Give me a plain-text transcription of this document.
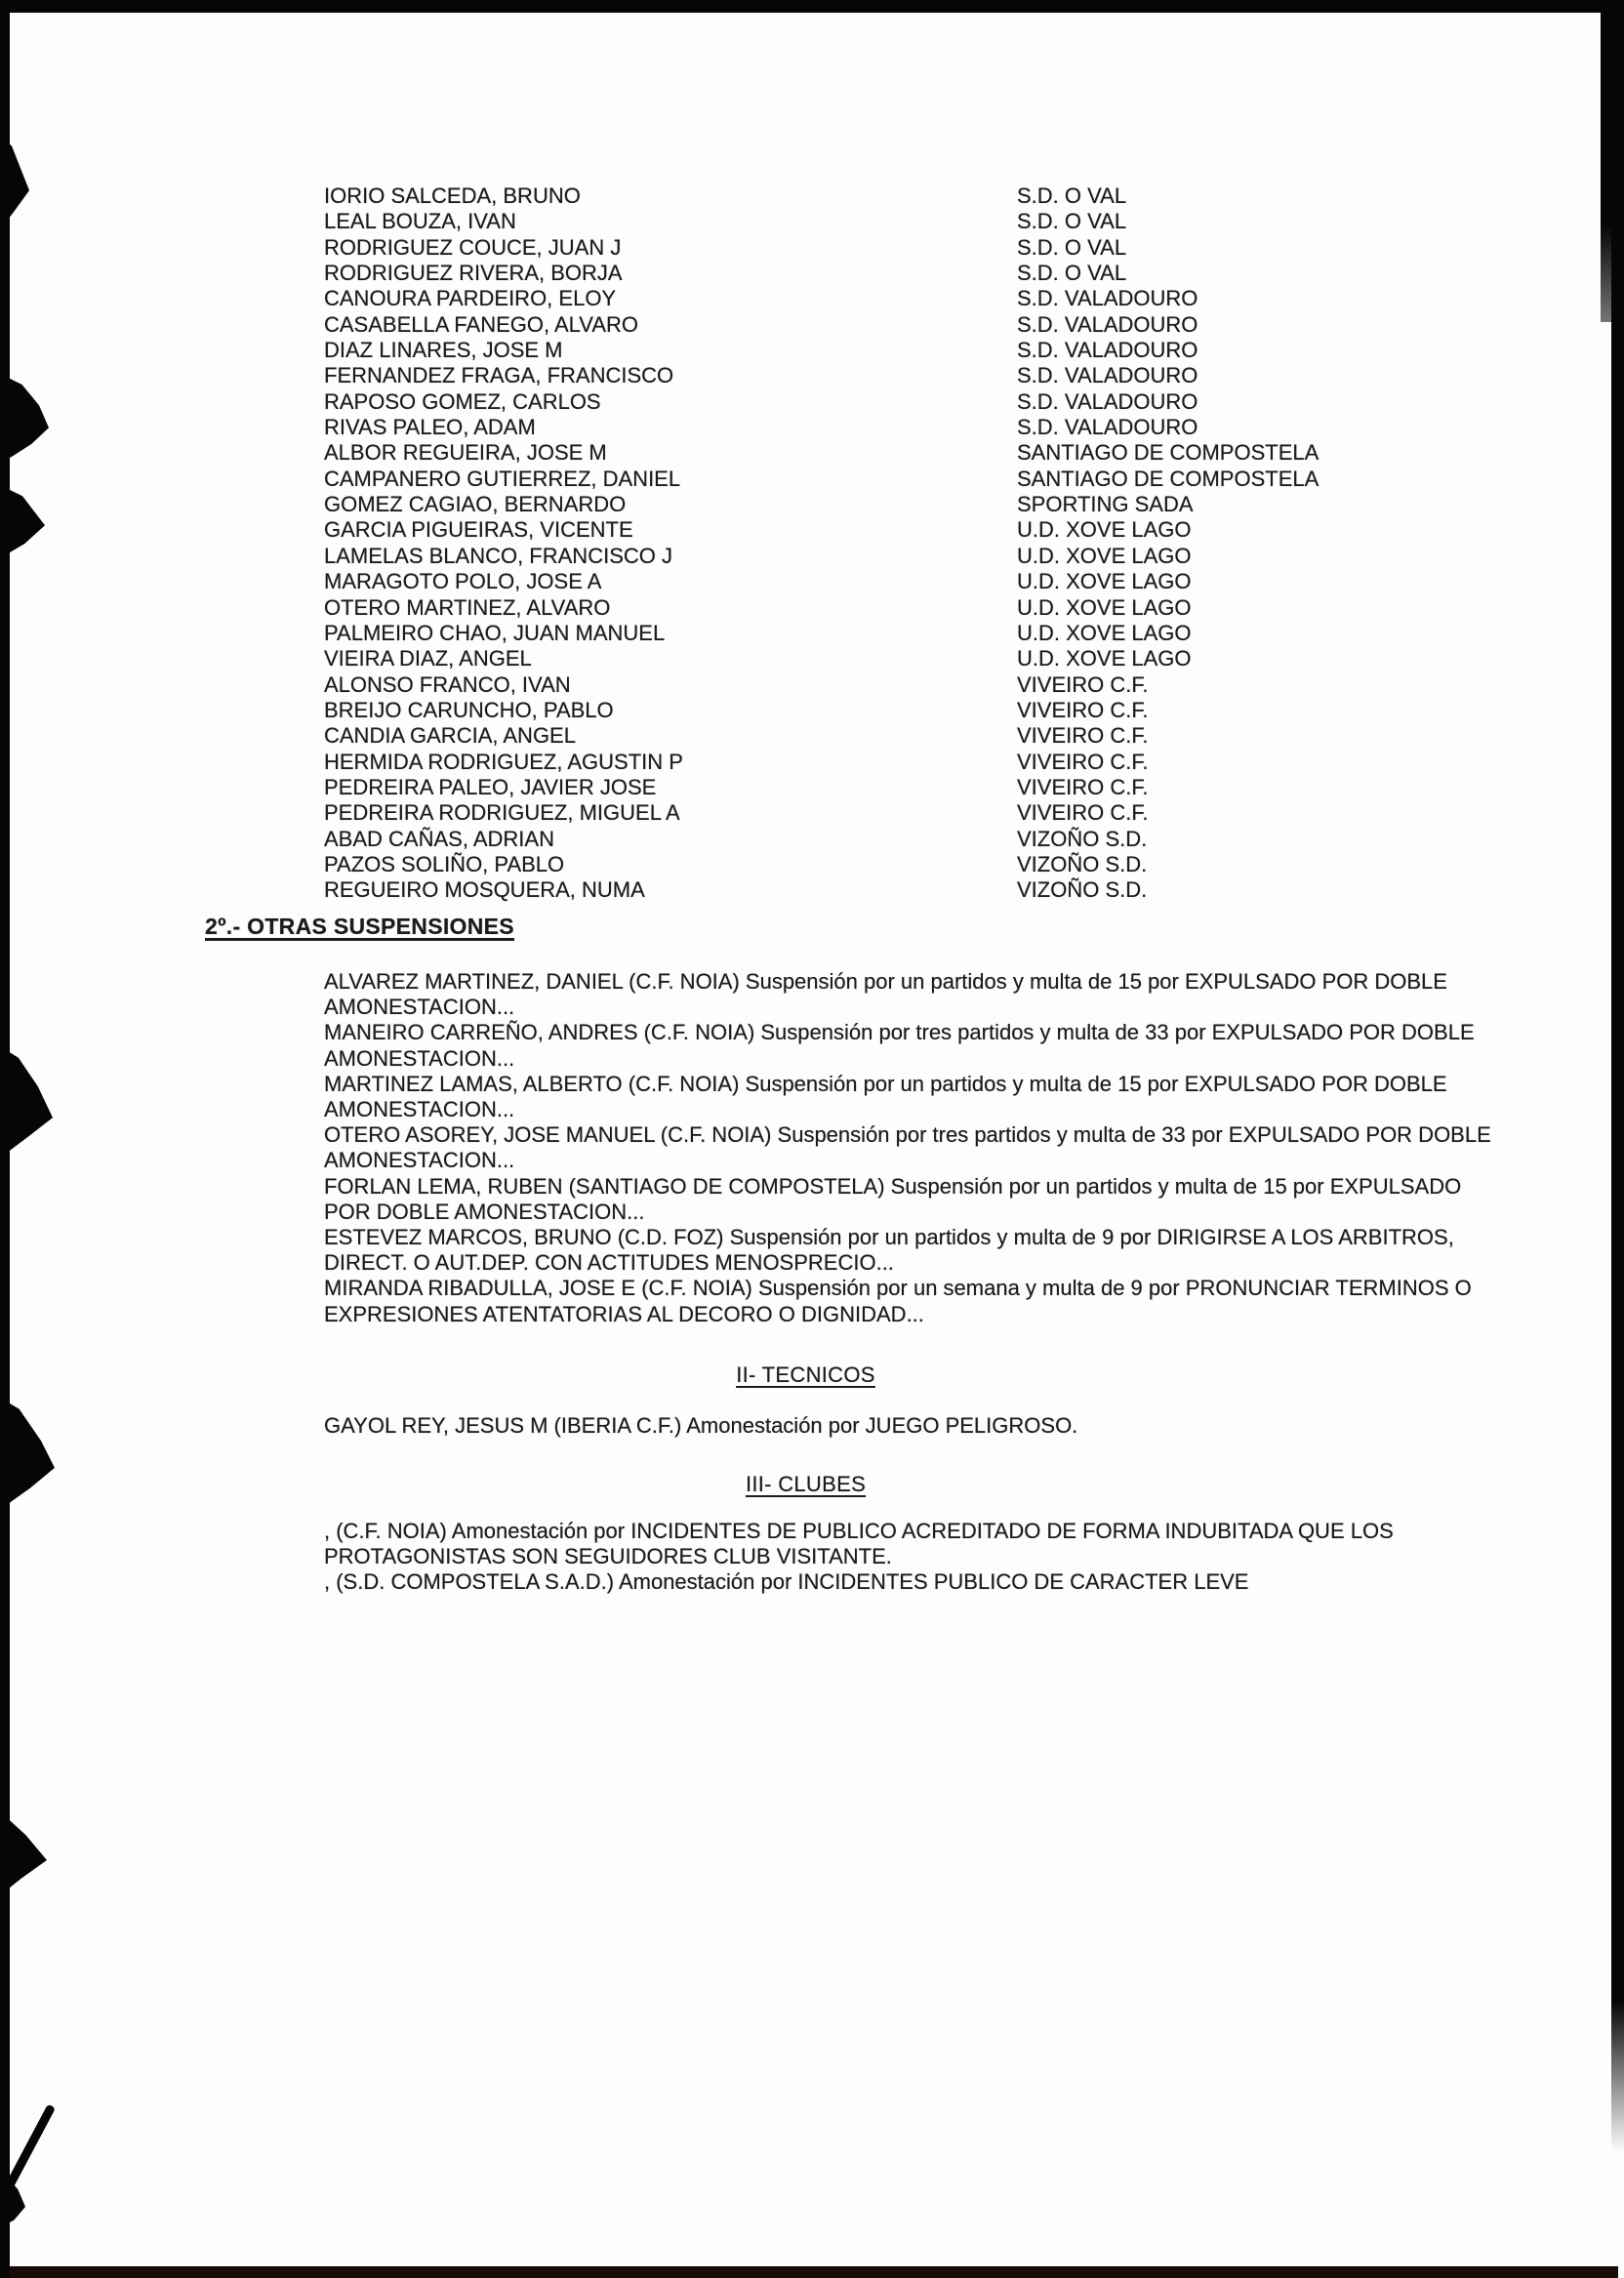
IORIO SALCEDA, BRUNO	S.D. O VAL
LEAL BOUZA, IVAN	S.D. O VAL
RODRIGUEZ COUCE, JUAN J	S.D. O VAL
RODRIGUEZ RIVERA, BORJA	S.D. O VAL
CANOURA PARDEIRO, ELOY	S.D. VALADOURO
CASABELLA FANEGO, ALVARO	S.D. VALADOURO
DIAZ LINARES, JOSE M	S.D. VALADOURO
FERNANDEZ FRAGA, FRANCISCO	S.D. VALADOURO
RAPOSO GOMEZ, CARLOS	S.D. VALADOURO
RIVAS PALEO, ADAM	S.D. VALADOURO
ALBOR REGUEIRA, JOSE M	SANTIAGO DE COMPOSTELA
CAMPANERO GUTIERREZ, DANIEL	SANTIAGO DE COMPOSTELA
GOMEZ CAGIAO, BERNARDO	SPORTING SADA
GARCIA PIGUEIRAS, VICENTE	U.D. XOVE LAGO
LAMELAS BLANCO, FRANCISCO J	U.D. XOVE LAGO
MARAGOTO POLO, JOSE A	U.D. XOVE LAGO
OTERO MARTINEZ, ALVARO	U.D. XOVE LAGO
PALMEIRO CHAO, JUAN MANUEL	U.D. XOVE LAGO
VIEIRA DIAZ, ANGEL	U.D. XOVE LAGO
ALONSO FRANCO, IVAN	VIVEIRO C.F.
BREIJO CARUNCHO, PABLO	VIVEIRO C.F.
CANDIA GARCIA, ANGEL	VIVEIRO C.F.
HERMIDA RODRIGUEZ, AGUSTIN P	VIVEIRO C.F.
PEDREIRA PALEO, JAVIER JOSE	VIVEIRO C.F.
PEDREIRA RODRIGUEZ, MIGUEL A	VIVEIRO C.F.
ABAD CAÑAS, ADRIAN	VIZOÑO S.D.
PAZOS SOLIÑO, PABLO	VIZOÑO S.D.
REGUEIRO MOSQUERA, NUMA	VIZOÑO S.D.
2º.- OTRAS SUSPENSIONES

ALVAREZ MARTINEZ, DANIEL (C.F. NOIA) Suspensión por un partidos y multa de 15 por EXPULSADO POR DOBLE AMONESTACION...

MANEIRO CARREÑO, ANDRES (C.F. NOIA) Suspensión por tres partidos y multa de 33 por EXPULSADO POR DOBLE AMONESTACION...

MARTINEZ LAMAS, ALBERTO (C.F. NOIA) Suspensión por un partidos y multa de 15 por EXPULSADO POR DOBLE AMONESTACION...

OTERO ASOREY, JOSE MANUEL (C.F. NOIA) Suspensión por tres partidos y multa de 33 por EXPULSADO POR DOBLE AMONESTACION...

FORLAN LEMA, RUBEN (SANTIAGO DE COMPOSTELA) Suspensión por un partidos y multa de 15 por EXPULSADO POR DOBLE AMONESTACION...

ESTEVEZ MARCOS, BRUNO (C.D. FOZ) Suspensión por un partidos y multa de 9 por DIRIGIRSE A LOS ARBITROS, DIRECT. O AUT.DEP. CON ACTITUDES MENOSPRECIO...

MIRANDA RIBADULLA, JOSE E (C.F. NOIA) Suspensión por un semana y multa de 9 por PRONUNCIAR TERMINOS O EXPRESIONES ATENTATORIAS AL DECORO O DIGNIDAD...

II- TECNICOS

GAYOL REY, JESUS M (IBERIA C.F.) Amonestación por JUEGO PELIGROSO.

III- CLUBES

, (C.F. NOIA) Amonestación por INCIDENTES DE PUBLICO ACREDITADO DE FORMA INDUBITADA QUE LOS PROTAGONISTAS SON SEGUIDORES CLUB VISITANTE.

, (S.D. COMPOSTELA S.A.D.) Amonestación por INCIDENTES PUBLICO DE CARACTER LEVE
